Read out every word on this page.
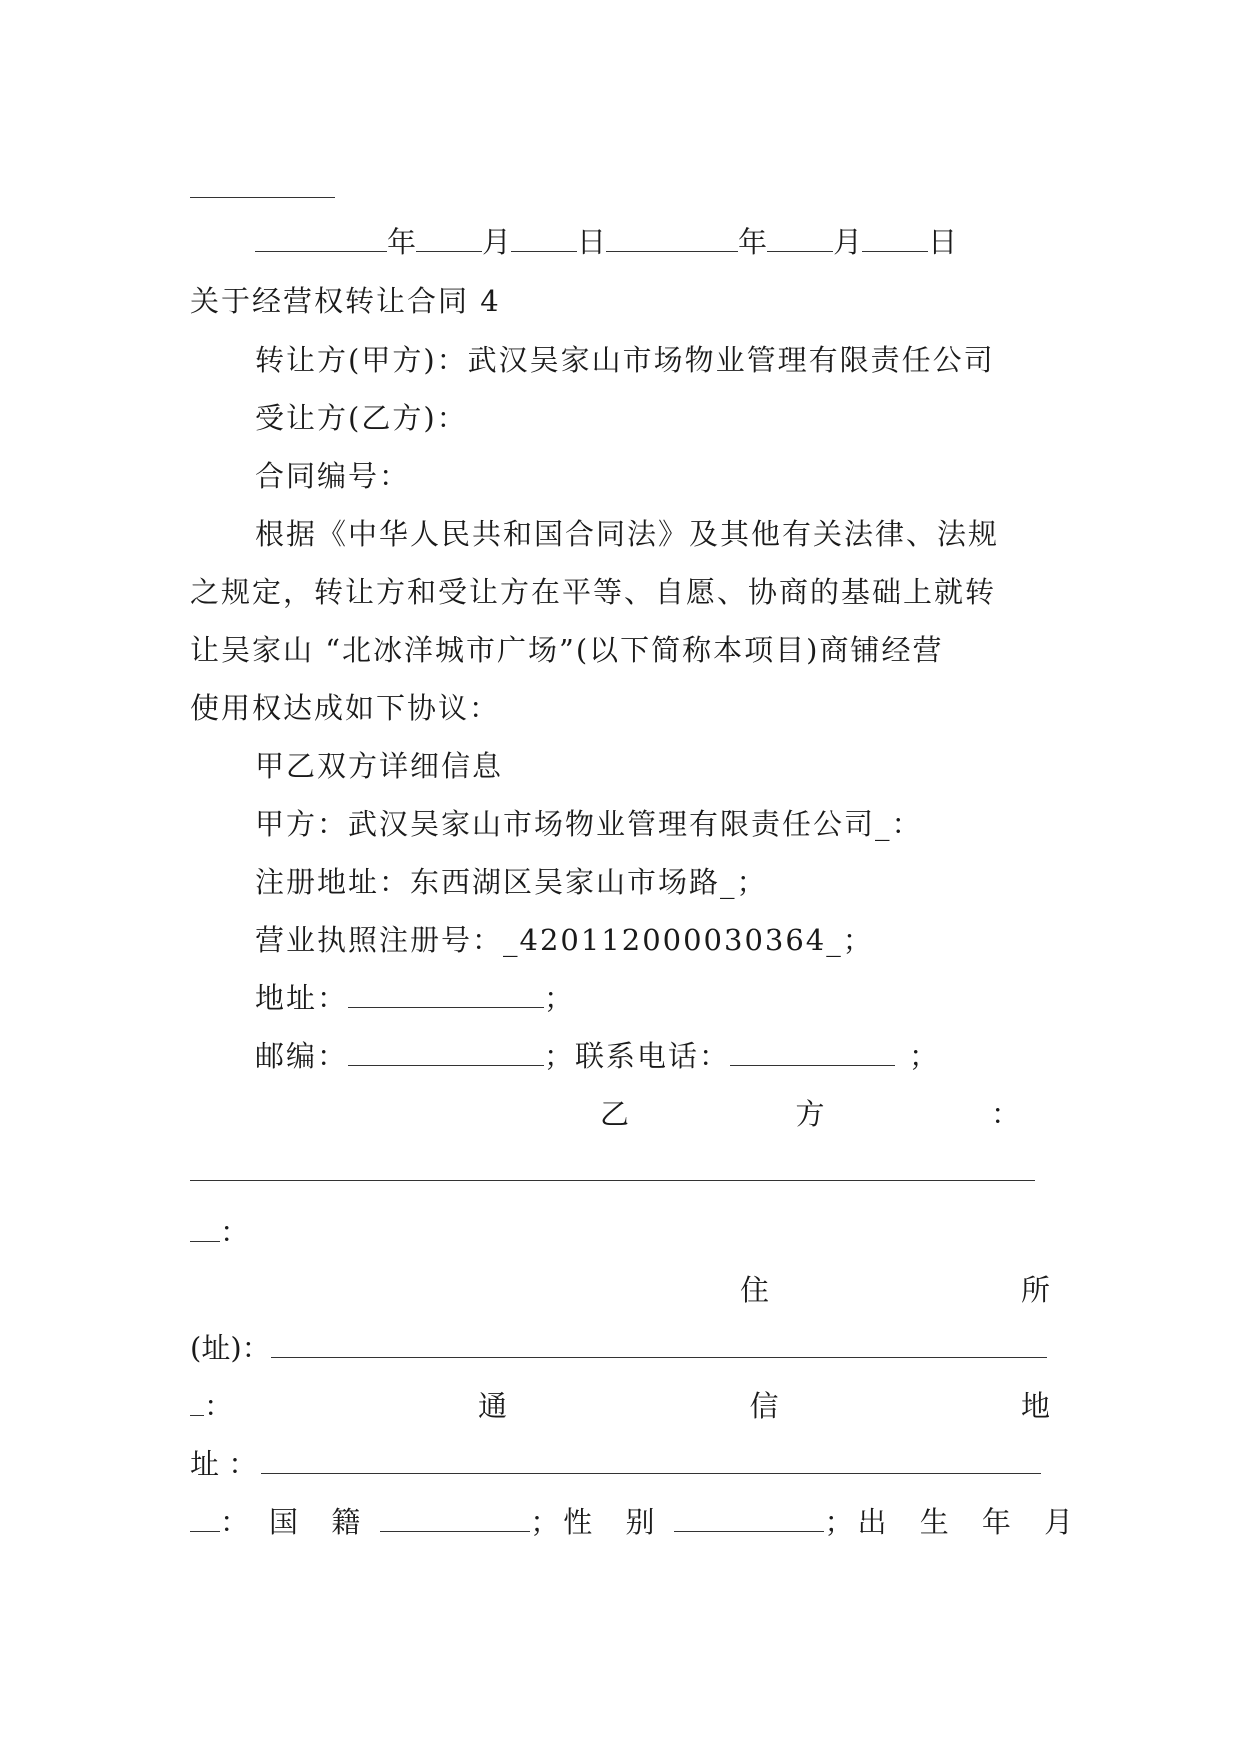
年 月 日	年 月 日
关于经营权转让合同 4
转让方(甲方)：武汉吴家山市场物业管理有限责任公司
受让方(乙方)：
合同编号：
根据《中华人民共和国合同法》及其他有关法律、法规
之规定，转让方和受让方在平等、自愿、协商的基础上就转
让吴家山 “北冰洋城市广场”(以下简称本项目)商铺经营
使用权达成如下协议：
甲乙双方详细信息
甲方：武汉吴家山市场物业管理有限责任公司_：
注册地址：东西湖区吴家山市场路_；
营业执照注册号：_420112000030364_；
地址：	；
邮编：	；联系电话：	；
乙	方	：
：
住	所
(址)：
：	通	信	地
址 ：
： 国 籍	； 性 别	； 出 生 年 月
